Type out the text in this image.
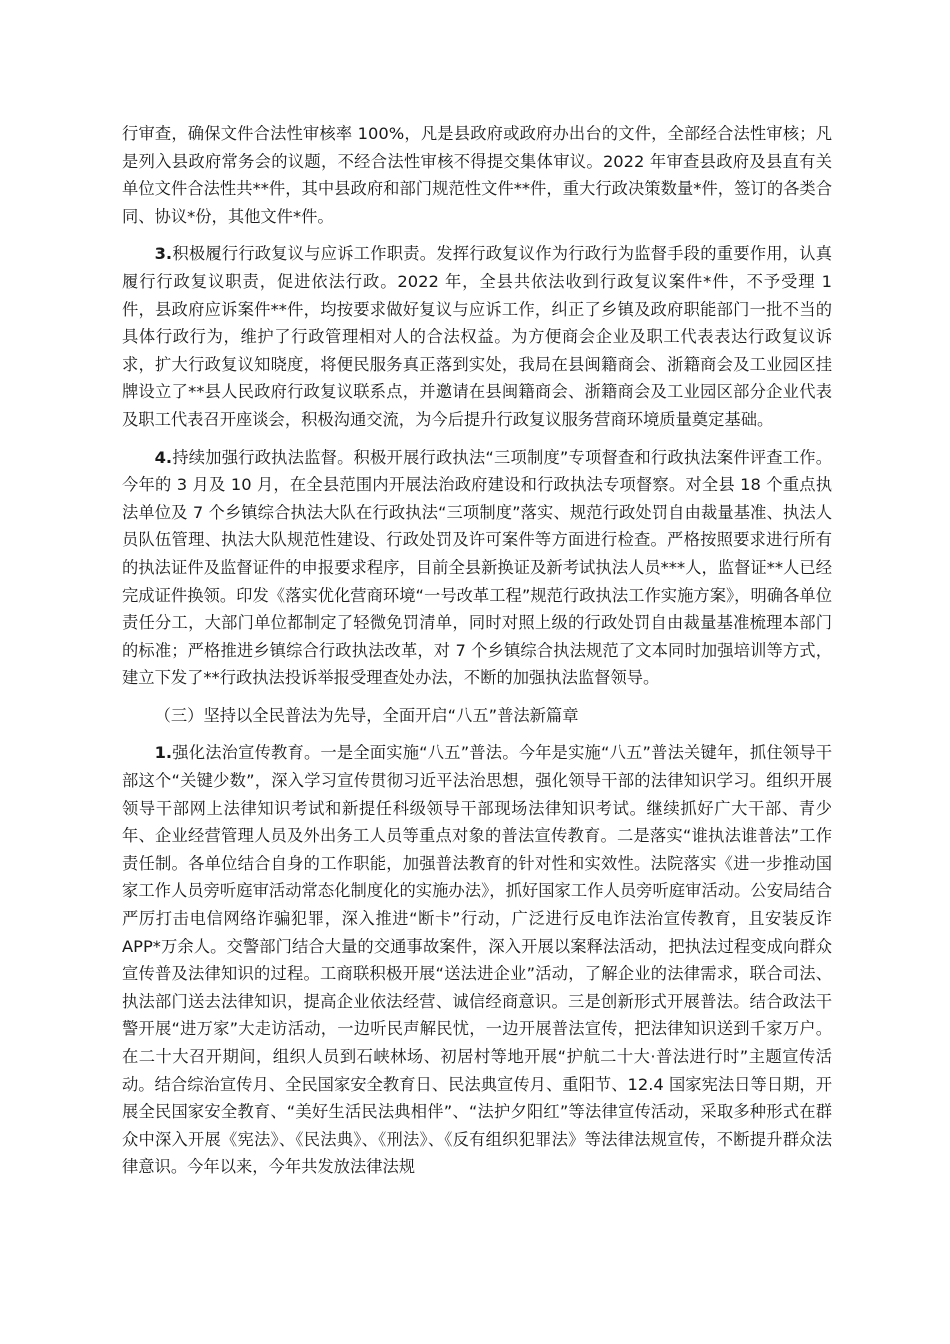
行审查，确保文件合法性审核率 100%，凡是县政府或政府办出台的文件，全部经合法性审核；凡是列入县政府常务会的议题，不经合法性审核不得提交集体审议。2022 年审查县政府及县直有关单位文件合法性共**件，其中县政府和部门规范性文件**件，重大行政决策数量*件，签订的各类合同、协议*份，其他文件*件。

3.积极履行行政复议与应诉工作职责。发挥行政复议作为行政行为监督手段的重要作用，认真履行行政复议职责，促进依法行政。2022 年，全县共依法收到行政复议案件*件，不予受理 1 件，县政府应诉案件**件，均按要求做好复议与应诉工作，纠正了乡镇及政府职能部门一批不当的具体行政行为，维护了行政管理相对人的合法权益。为方便商会企业及职工代表表达行政复议诉求，扩大行政复议知晓度，将便民服务真正落到实处，我局在县闽籍商会、浙籍商会及工业园区挂牌设立了**县人民政府行政复议联系点，并邀请在县闽籍商会、浙籍商会及工业园区部分企业代表及职工代表召开座谈会，积极沟通交流，为今后提升行政复议服务营商环境质量奠定基础。

4.持续加强行政执法监督。积极开展行政执法“三项制度”专项督查和行政执法案件评查工作。今年的 3 月及 10 月，在全县范围内开展法治政府建设和行政执法专项督察。对全县 18 个重点执法单位及 7 个乡镇综合执法大队在行政执法“三项制度”落实、规范行政处罚自由裁量基准、执法人员队伍管理、执法大队规范性建设、行政处罚及许可案件等方面进行检查。严格按照要求进行所有的执法证件及监督证件的申报要求程序，目前全县新换证及新考试执法人员***人，监督证**人已经完成证件换领。印发《落实优化营商环境“一号改革工程”规范行政执法工作实施方案》，明确各单位责任分工，大部门单位都制定了轻微免罚清单，同时对照上级的行政处罚自由裁量基准梳理本部门的标准；严格推进乡镇综合行政执法改革，对 7 个乡镇综合执法规范了文本同时加强培训等方式，建立下发了**行政执法投诉举报受理查处办法，不断的加强执法监督领导。

（三）坚持以全民普法为先导，全面开启“八五”普法新篇章

1.强化法治宣传教育。一是全面实施“八五”普法。今年是实施“八五”普法关键年，抓住领导干部这个“关键少数”，深入学习宣传贯彻习近平法治思想，强化领导干部的法律知识学习。组织开展领导干部网上法律知识考试和新提任科级领导干部现场法律知识考试。继续抓好广大干部、青少年、企业经营管理人员及外出务工人员等重点对象的普法宣传教育。二是落实“谁执法谁普法”工作责任制。各单位结合自身的工作职能，加强普法教育的针对性和实效性。法院落实《进一步推动国家工作人员旁听庭审活动常态化制度化的实施办法》，抓好国家工作人员旁听庭审活动。公安局结合严厉打击电信网络诈骗犯罪，深入推进“断卡”行动，广泛进行反电诈法治宣传教育，且安装反诈 APP*万余人。交警部门结合大量的交通事故案件，深入开展以案释法活动，把执法过程变成向群众宣传普及法律知识的过程。工商联积极开展“送法进企业”活动，了解企业的法律需求，联合司法、执法部门送去法律知识，提高企业依法经营、诚信经商意识。三是创新形式开展普法。结合政法干警开展“进万家”大走访活动，一边听民声解民忧，一边开展普法宣传，把法律知识送到千家万户。在二十大召开期间，组织人员到石峡林场、初居村等地开展“护航二十大·普法进行时”主题宣传活动。结合综治宣传月、全民国家安全教育日、民法典宣传月、重阳节、12.4 国家宪法日等日期，开展全民国家安全教育、“美好生活民法典相伴”、“法护夕阳红”等法律宣传活动，采取多种形式在群众中深入开展《宪法》、《民法典》、《刑法》、《反有组织犯罪法》等法律法规宣传，不断提升群众法律意识。今年以来，今年共发放法律法规
